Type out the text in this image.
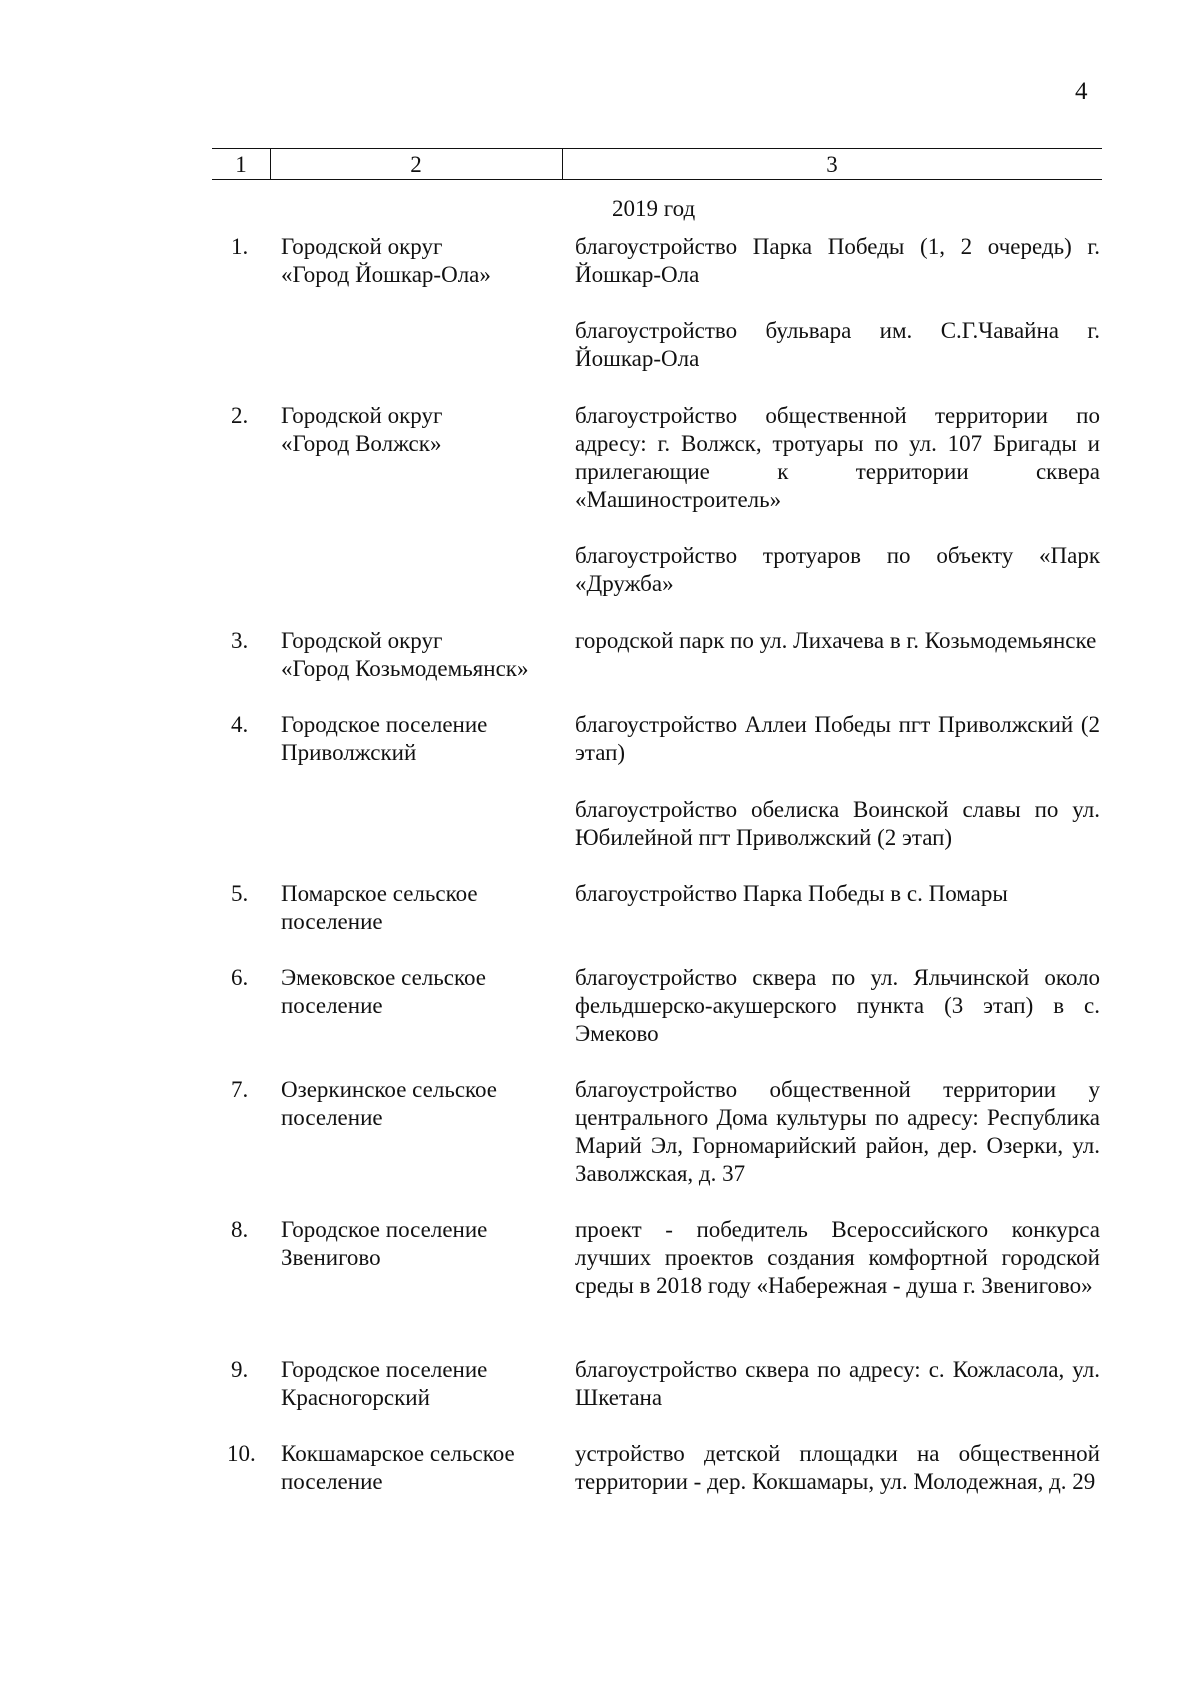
4
1	2	3
2019 год
1. Городской округ
«Город Йошкар-Ола»
благоустройство Парка Победы (1, 2 очередь) г. Йошкар-Ола
благоустройство бульвара им. С.Г.Чавайна г. Йошкар-Ола
2. Городской округ
«Город Волжск»
благоустройство общественной территории по адресу: г. Волжск, тротуары по ул. 107 Бригады и прилегающие к территории сквера «Машиностроитель»
благоустройство тротуаров по объекту «Парк «Дружба»
3. Городской округ
«Город Козьмодемьянск»
городской парк по ул. Лихачева в г. Козьмодемьянске
4. Городское поселение
Приволжский
благоустройство Аллеи Победы пгт Приволжский (2 этап)
благоустройство обелиска Воинской славы по ул. Юбилейной пгт Приволжский (2 этап)
5. Помарское сельское
поселение
благоустройство Парка Победы в с. Помары
6. Эмековское сельское
поселение
благоустройство сквера по ул. Яльчинской около фельдшерско-акушерского пункта (3 этап) в с. Эмеково
7. Озеркинское сельское
поселение
благоустройство общественной территории у центрального Дома культуры по адресу: Республика Марий Эл, Горномарийский район, дер. Озерки, ул. Заволжская, д. 37
8. Городское поселение
Звенигово
проект - победитель Всероссийского конкурса лучших проектов создания комфортной городской среды в 2018 году «Набережная - душа г. Звенигово»
9. Городское поселение
Красногорский
благоустройство сквера по адресу: с. Кожласола, ул. Шкетана
10. Кокшамарское сельское
поселение
устройство детской площадки на общественной территории - дер. Кокшамары, ул. Молодежная, д. 29
